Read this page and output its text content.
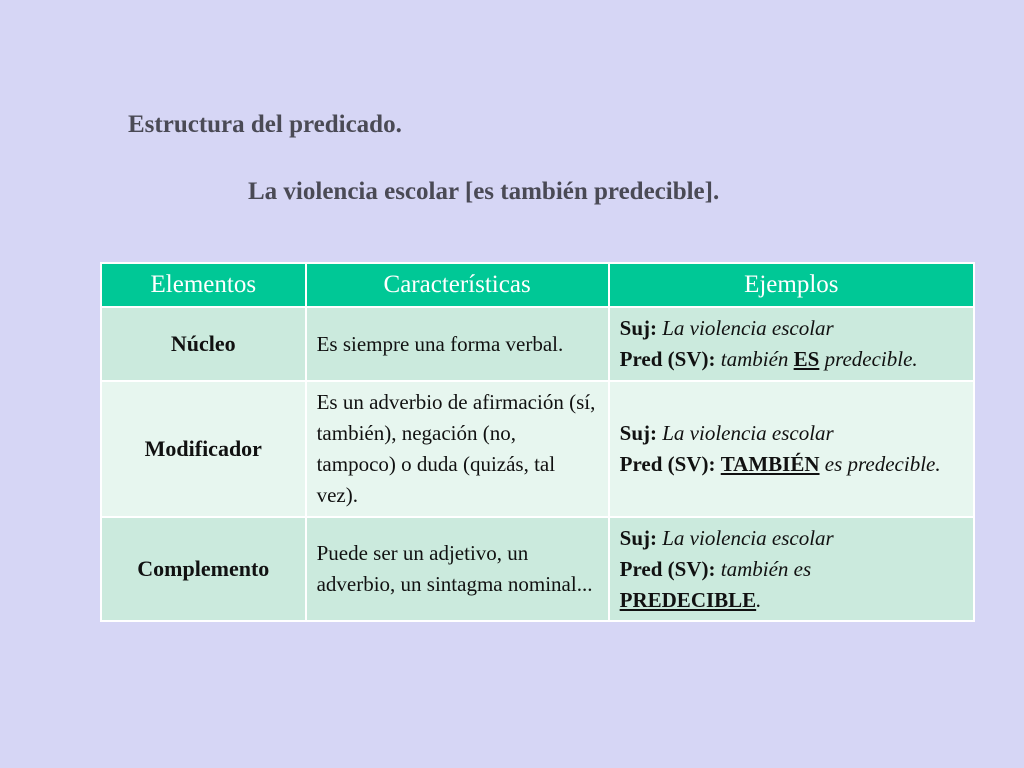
Estructura del predicado.

La violencia escolar [es también predecible].

Elementos	Características	Ejemplos
Núcleo	Es siempre una forma verbal.	Suj: La violencia escolar
Pred (SV): también ES predecible.
Modificador	Es un adverbio de afirmación (sí, también), negación (no, tampoco) o duda (quizás, tal vez).	Suj: La violencia escolar
Pred (SV): TAMBIÉN es predecible.
Complemento	Puede ser un adjetivo, un adverbio, un sintagma nominal...	Suj: La violencia escolar
Pred (SV): también es
PREDECIBLE.
